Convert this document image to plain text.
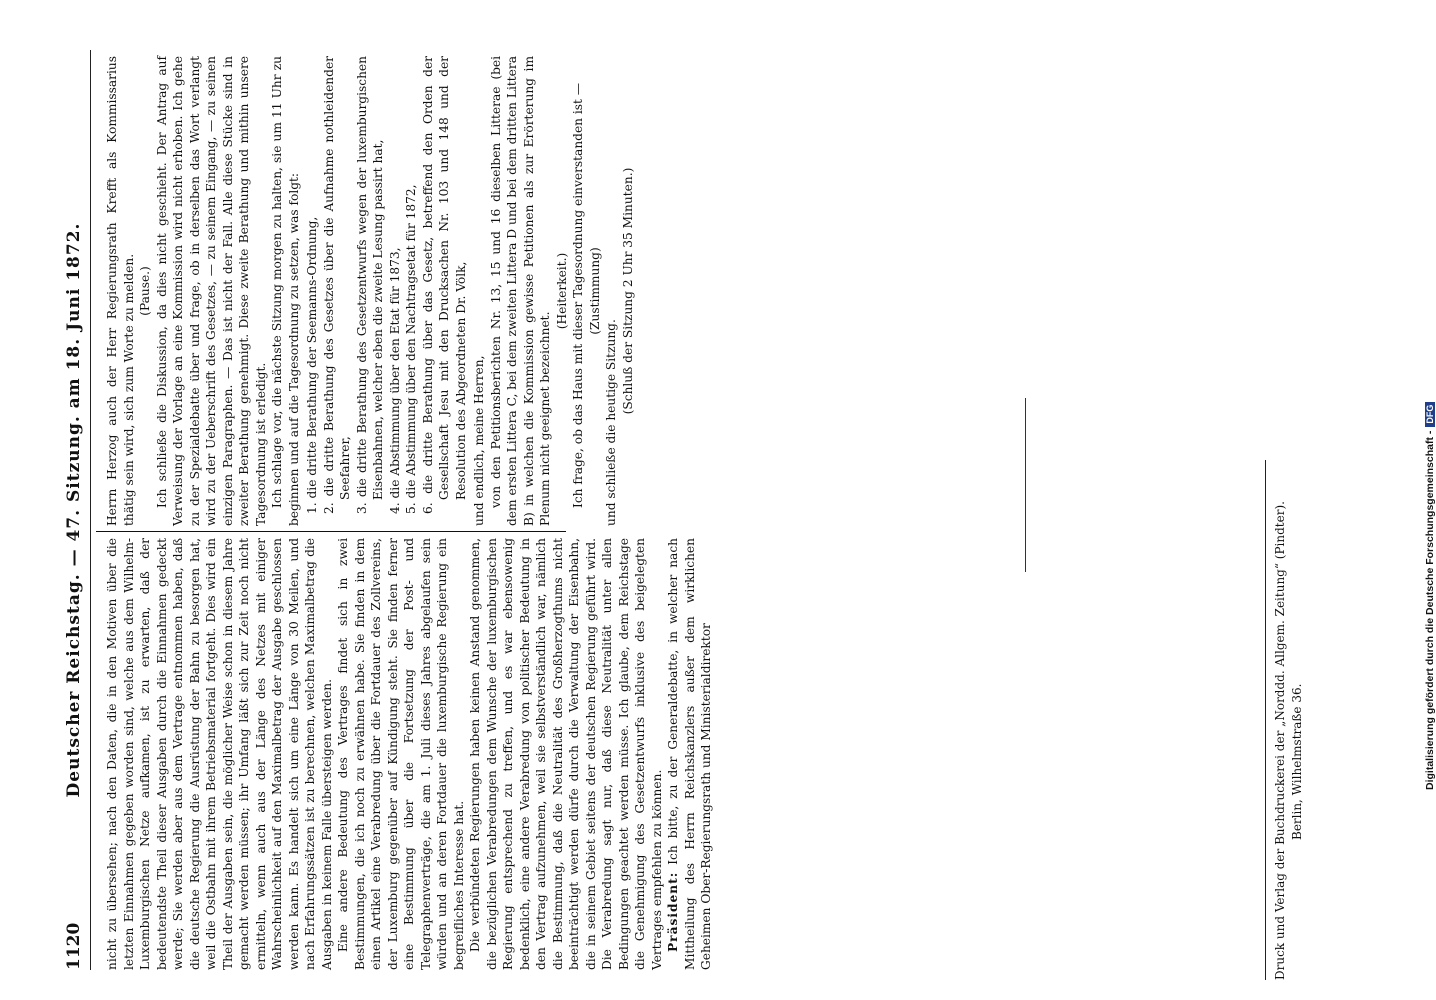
1120
Deutscher Reichstag. — 47. Sitzung. am 18. Juni 1872. nicht zu übersehen; nach den Daten, die in den Motiven über die letzten Einnahmen gegeben worden sind, welche aus dem Wilhelm-Luxemburgischen Netze aufkamen, ist zu erwarten, daß der bedeutendste Theil dieser Ausgaben durch die Einnahmen gedeckt werde; Sie werden aber aus dem Vertrage entnommen haben, daß die deutsche Regierung die Ausrüstung der Bahn zu besorgen hat, weil die Ostbahn mit ihrem Betriebsmaterial fortgeht. Dies wird ein Theil der Ausgaben sein, die möglicher Weise schon in diesem Jahre gemacht werden müssen; ihr Umfang läßt sich zur Zeit noch nicht ermitteln, wenn auch aus der Länge des Netzes mit einiger Wahrscheinlichkeit auf den Maximalbetrag der Ausgabe geschlossen werden kann. Es handelt sich um eine Länge von 30 Meilen, und nach Erfahrungssätzen ist zu berechnen, welchen Maximalbetrag die Ausgaben in keinem Falle übersteigen werden. Eine andere Bedeutung des Vertrages findet sich in zwei Bestimmungen, die ich noch zu erwähnen habe. Sie finden in dem einen Artikel eine Verabredung über die Fortdauer des Zollvereins, der Luxemburg gegenüber auf Kündigung steht. Sie finden ferner eine Bestimmung über die Fortsetzung der Post- und Telegraphenverträge, die am 1. Juli dieses Jahres abgelaufen sein würden und an deren Fortdauer die luxemburgische Regierung ein begreifliches Interesse hat. Die verbündeten Regierungen haben keinen Anstand genommen, die bezüglichen Verabredungen dem Wunsche der luxemburgischen Regierung entsprechend zu treffen, und es war ebensowenig bedenklich, eine andere Verabredung von politischer Bedeutung in den Vertrag aufzunehmen, weil sie selbstverständlich war, nämlich die Bestimmung, daß die Neutralität des Großherzogthums nicht beeinträchtigt werden dürfe durch die Verwaltung der Eisenbahn, die in seinem Gebiet seitens der deutschen Regierung geführt wird. Die Verabredung sagt nur, daß diese Neutralität unter allen Bedingungen geachtet werden müsse. Ich glaube, dem Reichstage die Genehmigung des Gesetzentwurfs inklusive des beigelegten Vertrages empfehlen zu können. Präsident: Ich bitte, zu der Generaldebatte, in welcher nach Mittheilung des Herrn Reichskanzlers außer dem wirklichen Geheimen Ober-Regierungsrath und Ministerialdirektor

Herrn Herzog auch der Herr Regierungsrath Krefft als Kommissarius thätig sein wird, sich zum Worte zu melden. (Pause.) Ich schließe die Diskussion, da dies nicht geschieht. Der Antrag auf Verweisung der Vorlage an eine Kommission wird nicht erhoben. Ich gehe zu der Spezialdebatte über und frage, ob in derselben das Wort verlangt wird zu der Ueberschrift des Gesetzes, — zu seinem Eingang, — zu seinen einzigen Paragraphen. — Das ist nicht der Fall. Alle diese Stücke sind in zweiter Berathung genehmigt. Diese zweite Berathung und mithin unsere Tagesordnung ist erledigt. Ich schlage vor, die nächste Sitzung morgen zu halten, sie um 11 Uhr zu beginnen und auf die Tagesordnung zu setzen, was folgt: 1. die dritte Berathung der Seemanns-Ordnung, 2. die dritte Berathung des Gesetzes über die Aufnahme nothleidender Seefahrer, 3. die dritte Berathung des Gesetzentwurfs wegen der luxemburgischen Eisenbahnen, welcher eben die zweite Lesung passirt hat, 4. die Abstimmung über den Etat für 1873, 5. die Abstimmung über den Nachtragsetat für 1872, 6. die dritte Berathung über das Gesetz, betreffend den Orden der Gesellschaft Jesu mit den Drucksachen Nr. 103 und 148 und der Resolution des Abgeordneten Dr. Völk, und endlich, meine Herren, von den Petitionsberichten Nr. 13, 15 und 16 dieselben Litterae (bei dem ersten Littera C, bei dem zweiten Littera D und bei dem dritten Littera B) in welchen die Kommission gewisse Petitionen als zur Erörterung im Plenum nicht geeignet bezeichnet.

(Heiterkeit.) Ich frage, ob das Haus mit dieser Tagesordnung einverstanden ist — (Zustimmung)

und schließe die heutige Sitzung.

(Schluß der Sitzung 2 Uhr 35 Minuten.)

Druck und Verlag der Buchdruckerei der „Norddd. Allgem. Zeitung“ (Pindter). Berlin, Wilhelmstraße 36.	Digitalisierung gefördert durch die Deutsche Forschungsgemeinschaft -DFG
